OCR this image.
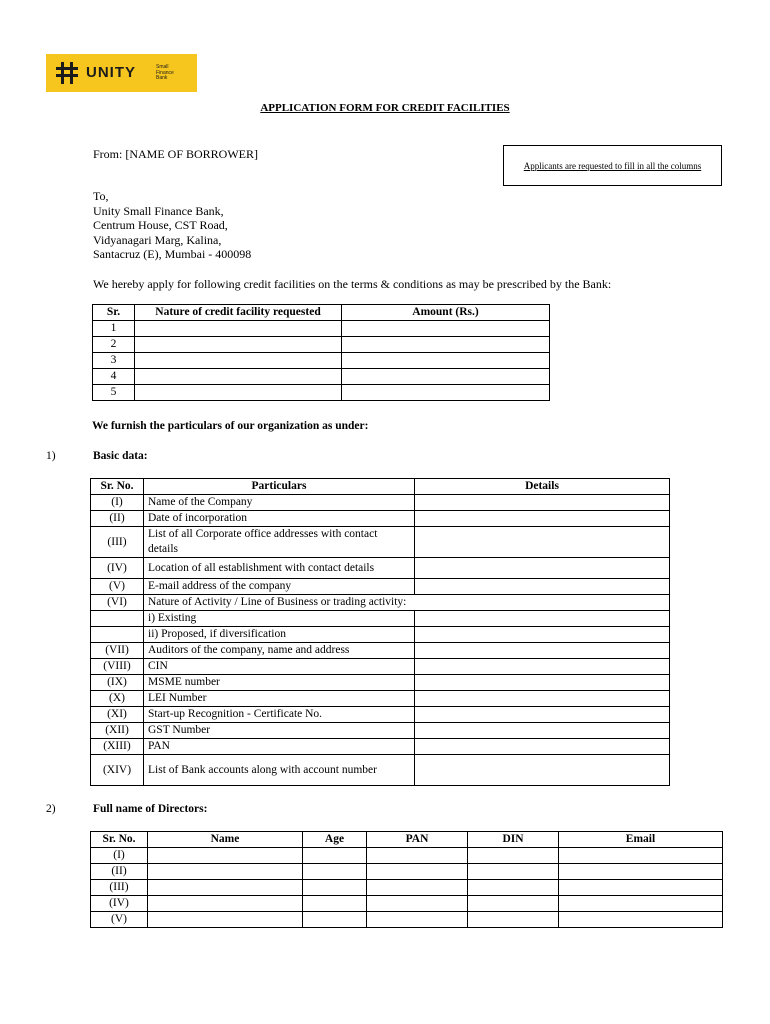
UNITY	Small
Finance
Bank
APPLICATION FORM FOR CREDIT FACILITIES
From: [NAME OF BORROWER]
Applicants are requested to fill in all the columns
To,
Unity Small Finance Bank,
Centrum House, CST Road,
Vidyanagari Marg, Kalina,
Santacruz (E), Mumbai - 400098
We hereby apply for following credit facilities on the terms & conditions as may be prescribed by the Bank:
Sr.	Nature of credit facility requested	Amount (Rs.)
1		
2		
3		
4		
5		
We furnish the particulars of our organization as under:
1)	Basic data:
Sr. No.	Particulars	Details
(I)	Name of the Company	
(II)	Date of incorporation	
(III)	List of all Corporate office addresses with contact details	
(IV)	Location of all establishment with contact details	
(V)	E-mail address of the company	
(VI)	Nature of Activity / Line of Business or trading activity:	
	i) Existing	
	ii) Proposed, if diversification	
(VII)	Auditors of the company, name and address	
(VIII)	CIN	
(IX)	MSME number	
(X)	LEI Number	
(XI)	Start-up Recognition - Certificate No.	
(XII)	GST Number	
(XIII)	PAN	
(XIV)	List of Bank accounts along with account number	
2)	Full name of Directors:
Sr. No.	Name	Age	PAN	DIN	Email
(I)					
(II)					
(III)					
(IV)					
(V)					
